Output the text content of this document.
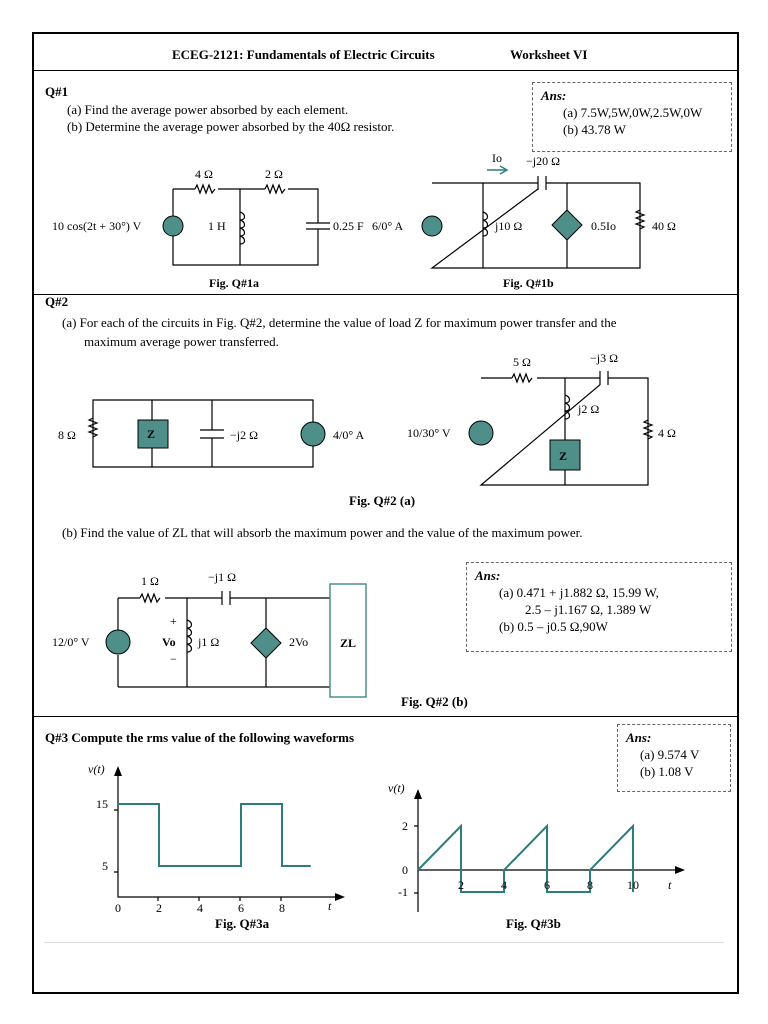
ECEG-2121: Fundamentals of Electric Circuits	Worksheet VI
Q#1
(a) Find the average power absorbed by each element.
(b) Determine the average power absorbed by the 40Ω resistor.
Ans:
(a) 7.5W,5W,0W,2.5W,0W
(b) 43.78 W
4 Ω	2 Ω
10 cos(2t + 30°) V	1 H	0.25 F
Fig. Q#1a
Io −j20 Ω
6/0° A	j10 Ω	0.5Io	40 Ω
Fig. Q#1b
8 Ω	Z	−j2 Ω	4/0° A	10/30° V
5 Ω	−j3 Ω
j2 Ω
Z
4 Ω
12/0° V
1 Ω	−j1 Ω
+
Vo
−
j1 Ω	2Vo	ZL
15
5
0	2	4	6	8
v(t)
t
2
0
-1	2	4	6	8	10
v(t)
t
Q#2
(a) For each of the circuits in Fig. Q#2, determine the value of load Z for maximum power transfer and the
maximum average power transferred.
Fig. Q#2 (a)
(b) Find the value of ZL that will absorb the maximum power and the value of the maximum power.
Fig. Q#2 (b)
Ans:
(a) 0.471 + j1.882 Ω, 15.99 W,
2.5 – j1.167 Ω, 1.389 W
(b) 0.5 – j0.5 Ω,90W
Q#3 Compute the rms value of the following waveforms	Ans:
(a) 9.574 V
(b) 1.08 V
Fig. Q#3a	Fig. Q#3b
